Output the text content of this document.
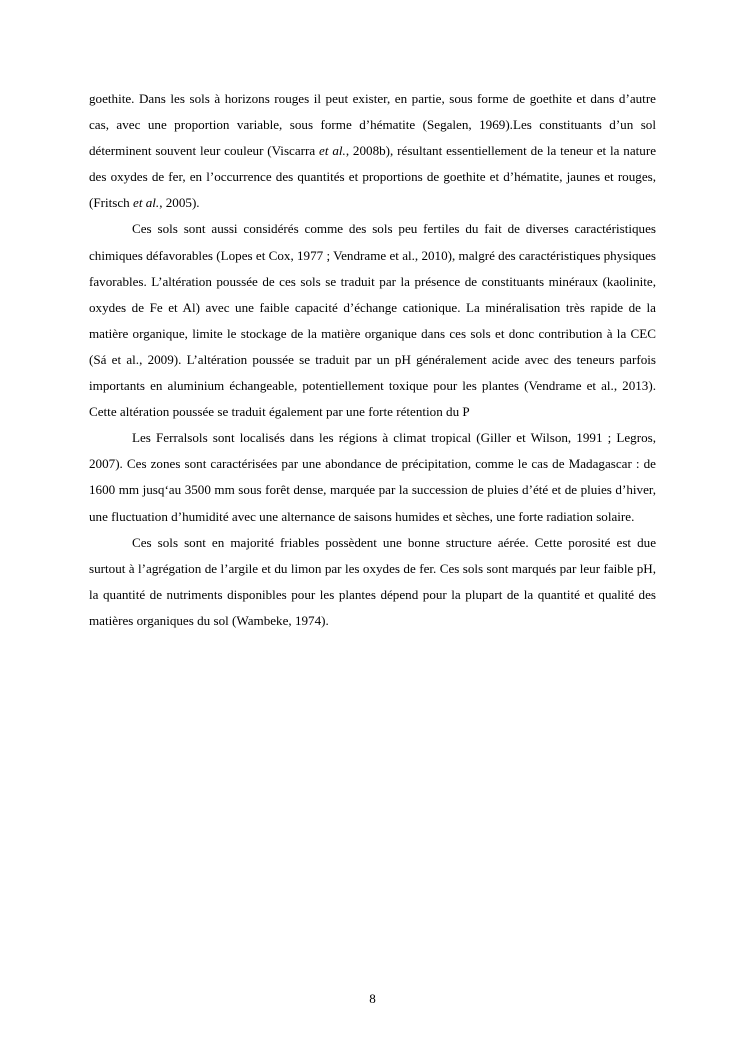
goethite. Dans les sols à horizons rouges il peut exister, en partie, sous forme de goethite et dans d’autre cas, avec une proportion variable, sous forme d’hématite (Segalen, 1969).Les constituants d’un sol déterminent souvent leur couleur (Viscarra et al., 2008b), résultant essentiellement de la teneur et la nature des oxydes de fer, en l’occurrence des quantités et proportions de goethite et d’hématite, jaunes et rouges, (Fritsch et al., 2005).

Ces sols sont aussi considérés comme des sols peu fertiles du fait de diverses caractéristiques chimiques défavorables (Lopes et Cox, 1977 ; Vendrame et al., 2010), malgré des caractéristiques physiques favorables. L’altération poussée de ces sols se traduit par la présence de constituants minéraux (kaolinite, oxydes de Fe et Al) avec une faible capacité d’échange cationique. La minéralisation très rapide de la matière organique, limite le stockage de la matière organique dans ces sols et donc contribution à la CEC (Sá et al., 2009). L’altération poussée se traduit par un pH généralement acide avec des teneurs parfois importants en aluminium échangeable, potentiellement toxique pour les plantes (Vendrame et al., 2013). Cette altération poussée se traduit également par une forte rétention du P

Les Ferralsols sont localisés dans les régions à climat tropical (Giller et Wilson, 1991 ; Legros, 2007). Ces zones sont caractérisées par une abondance de précipitation, comme le cas de Madagascar : de 1600 mm jusq‘au 3500 mm sous forêt dense, marquée par la succession de pluies d’été et de pluies d’hiver, une fluctuation d’humidité avec une alternance de saisons humides et sèches, une forte radiation solaire.

Ces sols sont en majorité friables possèdent une bonne structure aérée. Cette porosité est due surtout à l’agrégation de l’argile et du limon par les oxydes de fer. Ces sols sont marqués par leur faible pH, la quantité de nutriments disponibles pour les plantes dépend pour la plupart de la quantité et qualité des matières organiques du sol (Wambeke, 1974).

8
